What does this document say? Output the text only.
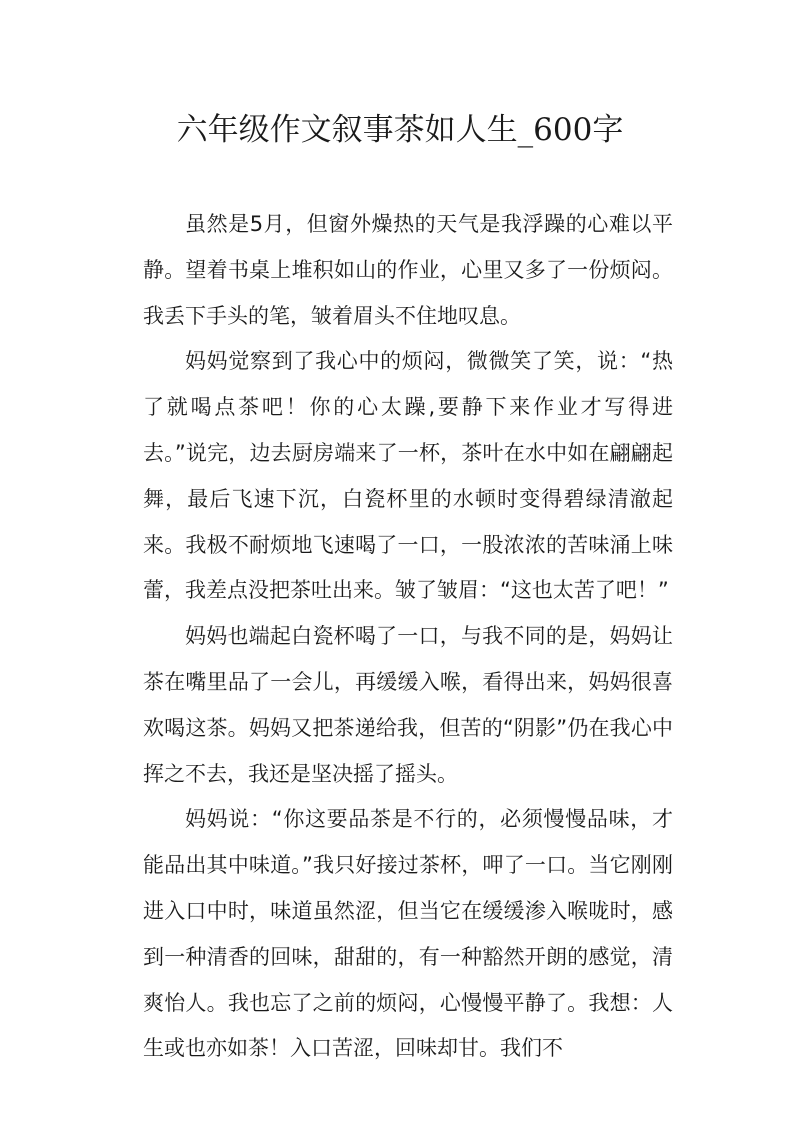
六年级作文叙事茶如人生_600字

虽然是5月，但窗外燥热的天气是我浮躁的心难以平静。望着书桌上堆积如山的作业，心里又多了一份烦闷。我丢下手头的笔，皱着眉头不住地叹息。

妈妈觉察到了我心中的烦闷，微微笑了笑，说：“热了就喝点茶吧！你的心太躁,要静下来作业才写得进去。”说完，边去厨房端来了一杯，茶叶在水中如在翩翩起舞，最后飞速下沉，白瓷杯里的水顿时变得碧绿清澈起来。我极不耐烦地飞速喝了一口，一股浓浓的苦味涌上味蕾，我差点没把茶吐出来。皱了皱眉：“这也太苦了吧！”

妈妈也端起白瓷杯喝了一口，与我不同的是，妈妈让茶在嘴里品了一会儿，再缓缓入喉，看得出来，妈妈很喜欢喝这茶。妈妈又把茶递给我，但苦的“阴影”仍在我心中挥之不去，我还是坚决摇了摇头。

妈妈说：“你这要品茶是不行的，必须慢慢品味，才能品出其中味道。”我只好接过茶杯，呷了一口。当它刚刚进入口中时，味道虽然涩，但当它在缓缓渗入喉咙时，感到一种清香的回味，甜甜的，有一种豁然开朗的感觉，清爽怡人。我也忘了之前的烦闷，心慢慢平静了。我想：人生或也亦如茶！入口苦涩，回味却甘。我们不
